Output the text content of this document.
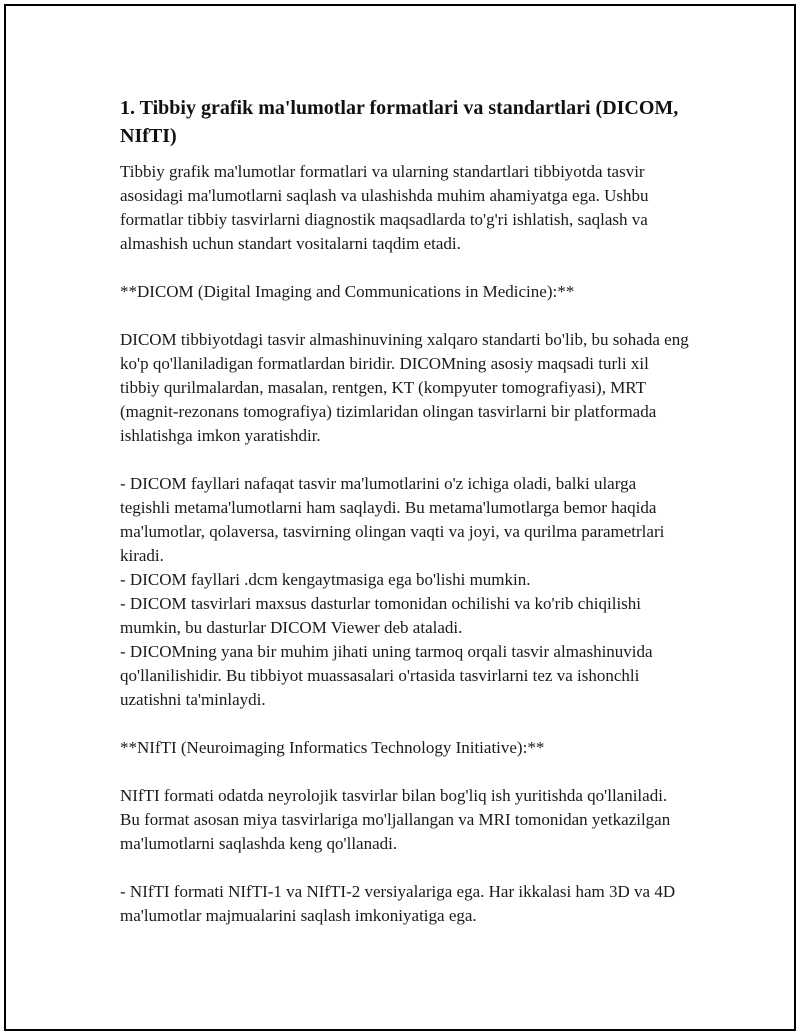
1. Tibbiy grafik ma'lumotlar formatlari va standartlari (DICOM, NIfTI)

Tibbiy grafik ma'lumotlar formatlari va ularning standartlari tibbiyotda tasvir asosidagi ma'lumotlarni saqlash va ulashishda muhim ahamiyatga ega. Ushbu formatlar tibbiy tasvirlarni diagnostik maqsadlarda to'g'ri ishlatish, saqlash va almashish uchun standart vositalarni taqdim etadi.

**DICOM (Digital Imaging and Communications in Medicine):**

DICOM tibbiyotdagi tasvir almashinuvining xalqaro standarti bo'lib, bu sohada eng ko'p qo'llaniladigan formatlardan biridir. DICOMning asosiy maqsadi turli xil tibbiy qurilmalardan, masalan, rentgen, KT (kompyuter tomografiyasi), MRT (magnit-rezonans tomografiya) tizimlaridan olingan tasvirlarni bir platformada ishlatishga imkon yaratishdir.

- DICOM fayllari nafaqat tasvir ma'lumotlarini o'z ichiga oladi, balki ularga tegishli metama'lumotlarni ham saqlaydi. Bu metama'lumotlarga bemor haqida ma'lumotlar, qolaversa, tasvirning olingan vaqti va joyi, va qurilma parametrlari kiradi.

- DICOM fayllari .dcm kengaytmasiga ega bo'lishi mumkin.

- DICOM tasvirlari maxsus dasturlar tomonidan ochilishi va ko'rib chiqilishi mumkin, bu dasturlar DICOM Viewer deb ataladi.

- DICOMning yana bir muhim jihati uning tarmoq orqali tasvir almashinuvida qo'llanilishidir. Bu tibbiyot muassasalari o'rtasida tasvirlarni tez va ishonchli uzatishni ta'minlaydi.

**NIfTI (Neuroimaging Informatics Technology Initiative):**

NIfTI formati odatda neyrolojik tasvirlar bilan bog'liq ish yuritishda qo'llaniladi. Bu format asosan miya tasvirlariga mo'ljallangan va MRI tomonidan yetkazilgan ma'lumotlarni saqlashda keng qo'llanadi.

- NIfTI formati NIfTI-1 va NIfTI-2 versiyalariga ega. Har ikkalasi ham 3D va 4D ma'lumotlar majmualarini saqlash imkoniyatiga ega.
